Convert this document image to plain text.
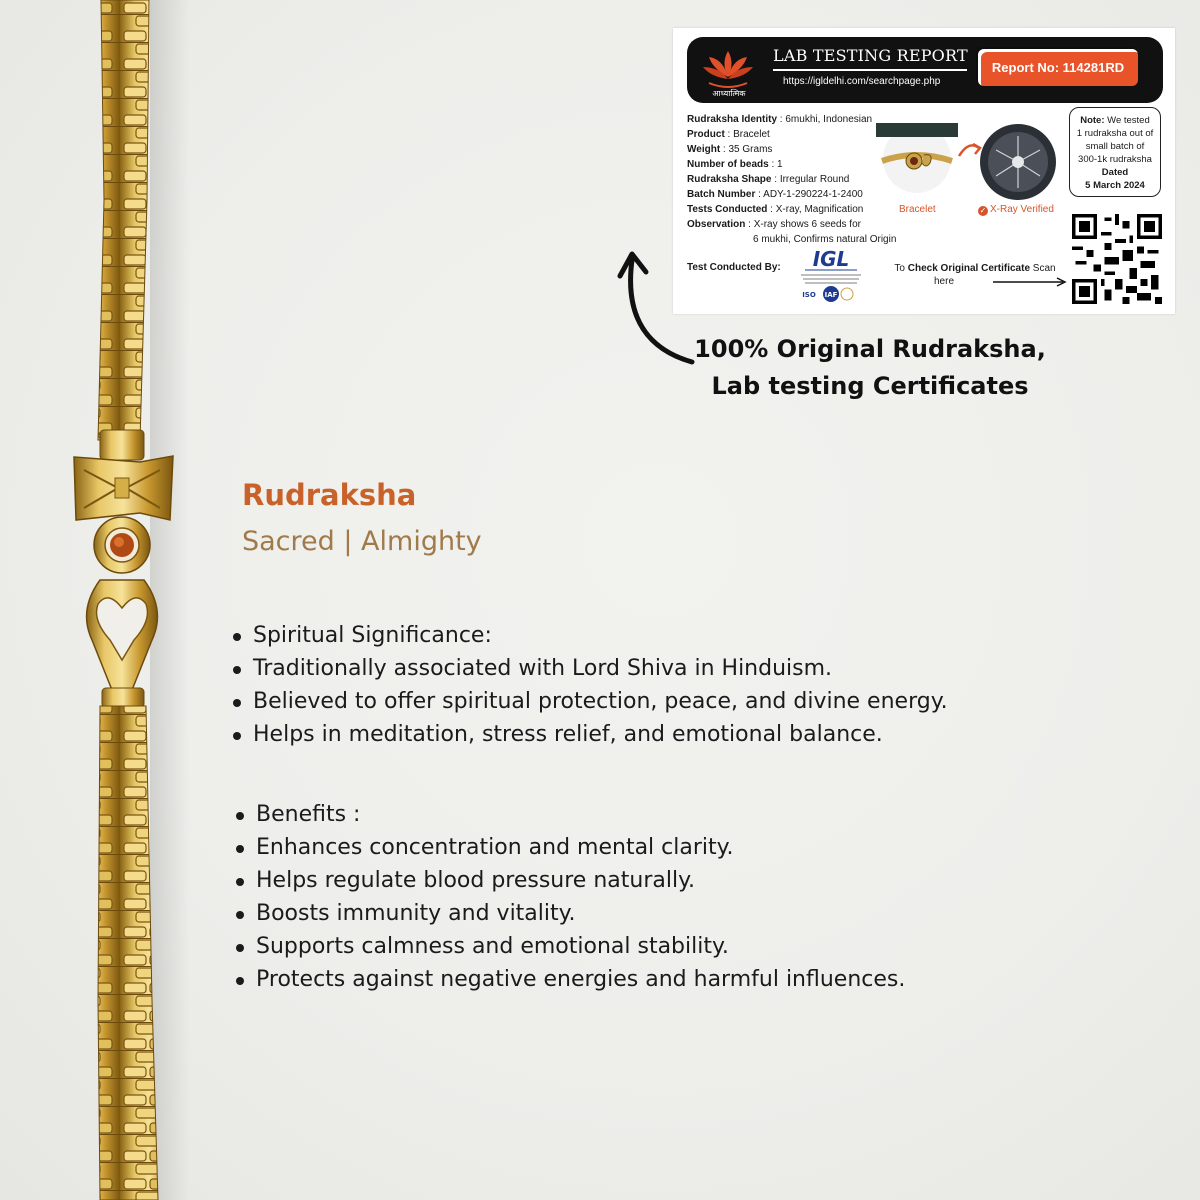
आध्यात्मिक
LAB TESTING REPORT
https://igldelhi.com/searchpage.php
Report No: 114281RD
Rudraksha Identity : 6mukhi, Indonesian
Product : Bracelet
Weight : 35 Grams
Number of beads : 1
Rudraksha Shape : Irregular Round
Batch Number : ADY-1-290224-1-2400
Tests Conducted : X-ray, Magnification
Observation : X-ray shows 6 seeds for
6 mukhi, Confirms natural Origin
Bracelet	✓ X-Ray Verified
Note: We tested
1 rudraksha out of
small batch of
300-1k rudraksha
Dated
5 March 2024
Test Conducted By: IGL
ISO IAF
To Check Original Certificate Scan
here
100% Original Rudraksha,
Lab testing Certificates
Rudraksha
Sacred | Almighty
Spiritual Significance:
Traditionally associated with Lord Shiva in Hinduism.
Believed to offer spiritual protection, peace, and divine energy.
Helps in meditation, stress relief, and emotional balance.
Benefits :
Enhances concentration and mental clarity.
Helps regulate blood pressure naturally.
Boosts immunity and vitality.
Supports calmness and emotional stability.
Protects against negative energies and harmful influences.
